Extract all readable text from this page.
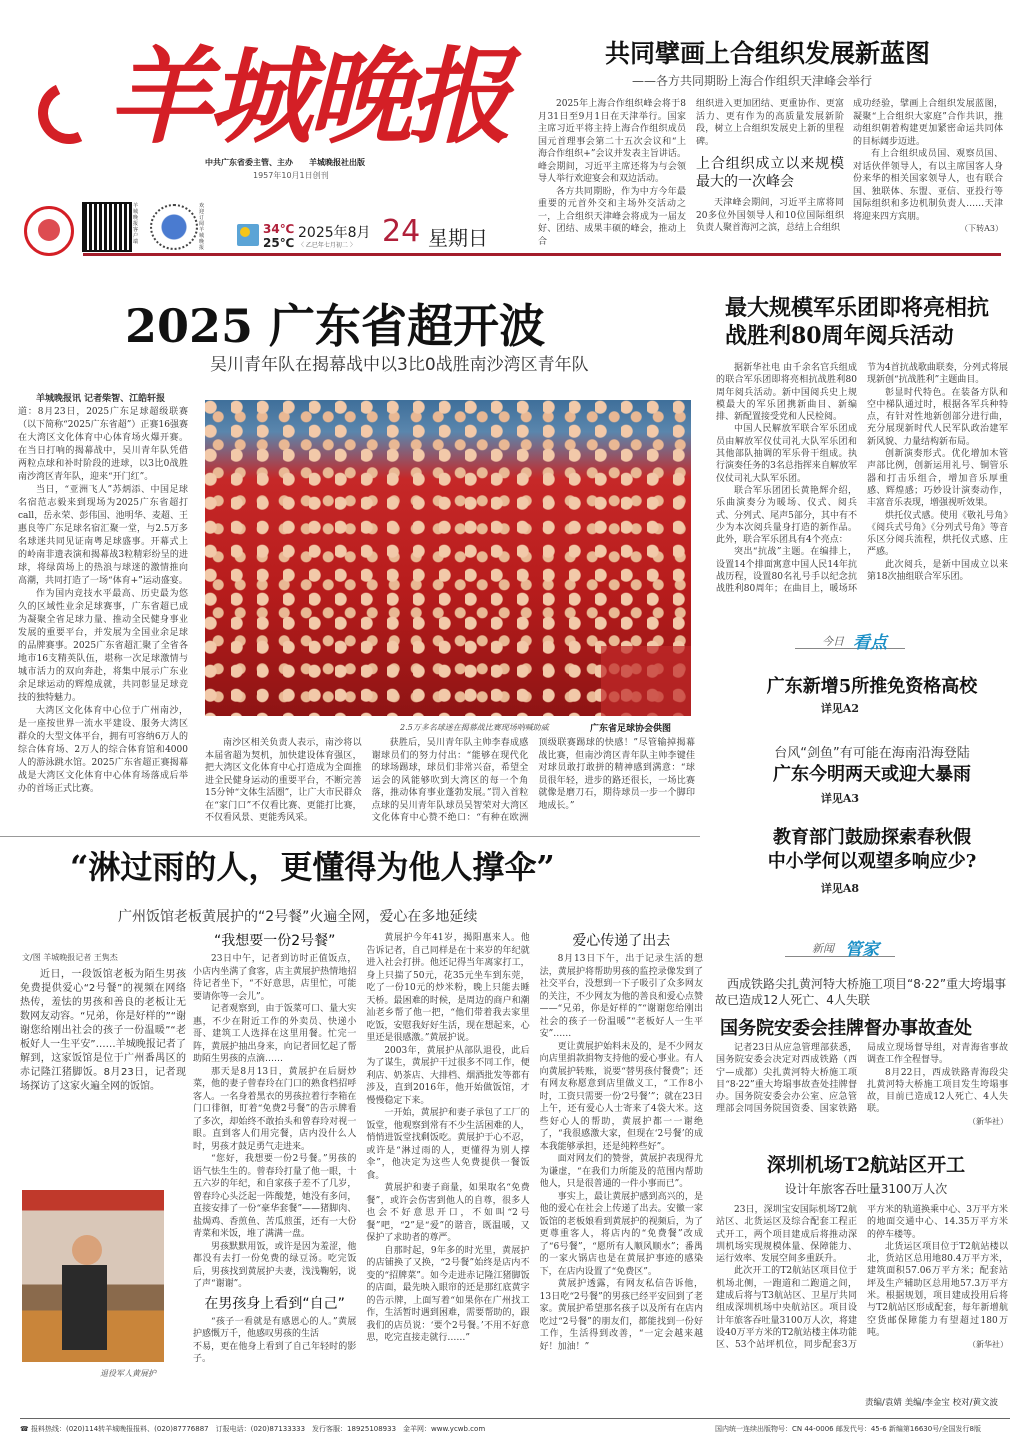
羊城晚报
中共广东省委主管、主办　　羊城晚报社出版
1957年10月1日创刊
羊城晚报客户端
欢迎订阅羊城晚报
34℃
25℃
2025年8月
〈 乙巳年七月初二 〉 24 星期日
共同擘画上合组织发展新蓝图
——各方共同期盼上海合作组织天津峰会举行

2025年上海合作组织峰会将于8月31日至9月1日在天津举行。国家主席习近平将主持上海合作组织成员国元首理事会第二十五次会议和“上海合作组织+”会议并发表主旨讲话。峰会期间，习近平主席还将为与会领导人举行欢迎宴会和双边活动。

各方共同期盼，作为中方今年最重要的元首外交和主场外交活动之一，上合组织天津峰会将成为一届友好、团结、成果丰硕的峰会，推动上合

组织进入更加团结、更重协作、更富活力、更有作为的高质量发展新阶段，树立上合组织发展史上新的里程碑。
上合组织成立以来规模最大的一次峰会

天津峰会期间，习近平主席将同20多位外国领导人和10位国际组织负责人聚首海河之滨，总结上合组织

成功经验，擘画上合组织发展蓝图，凝聚“上合组织大家庭”合作共识，推动组织朝着构建更加紧密命运共同体的目标阔步迈进。

有上合组织成员国、观察员国、对话伙伴领导人，有以主席国客人身份来华的相关国家领导人，也有联合国、独联体、东盟、亚信、亚投行等国际组织和多边机制负责人……天津将迎来四方宾朋。

（下转A3）
2025 广东省超开波
吴川青年队在揭幕战中以3比0战胜南沙湾区青年队

羊城晚报讯 记者柴智、江皓轩报

道：8月23日，2025广东足球超级联赛（以下简称“2025广东省超”）正赛16强赛在大湾区文化体育中心体育场火爆开赛。在当日打响的揭幕战中，吴川青年队凭借两粒点球和补时阶段的进球，以3比0战胜南沙湾区青年队，迎来“开门红”。

当日，“亚洲飞人”苏炳添、中国足球名宿范志毅来到现场为2025广东省超打call，岳永荣、彭伟国、池明华、麦超、王惠良等广东足球名宿汇聚一堂，与2.5万多名球迷共同见证南粤足球盛事。开幕式上的岭南非遗表演和揭幕战3粒精彩纷呈的进球，将绿茵场上的热浪与球迷的激情推向高潮，共同打造了一场“体育+”运动盛宴。

作为国内竞技水平最高、历史最为悠久的区域性业余足球赛事，广东省超已成为凝聚全省足球力量、推动全民健身事业发展的重要平台，并发展为全国业余足球的品牌赛事。2025广东省超汇聚了全省各地市16支精英队伍，堪称一次足球激情与城市活力的双向奔赴，将集中展示广东业余足球运动的辉煌成就，共同彰显足球竞技的独特魅力。

大湾区文化体育中心位于广州南沙，是一座按世界一流水平建设、服务大湾区群众的大型文体平台，拥有可容纳6万人的综合体育场、2万人的综合体育馆和4000人的游泳跳水馆。2025广东省超正赛揭幕战是大湾区文化体育中心体育场落成后举办的首场正式比赛。

2.5万多名球迷在揭幕战比赛现场呐喊助威	广东省足球协会供图

南沙区相关负责人表示，南沙将以本届省超为契机，加快建设体育强区，把大湾区文化体育中心打造成为全面推进全民健身运动的重要平台，不断完善15分钟“文体生活圈”，让广大市民群众在“家门口”不仅看比赛、更能打比赛，不仅看风景、更能秀风采。

获胜后，吴川青年队主帅李春成感谢球员们的努力付出：“能够在现代化的球场踢球，球员们非常兴奋，希望全运会的风能够吹到大湾区的每一个角落，推动体育事业蓬勃发展。”罚入首粒点球的吴川青年队球员吴智荣对大湾区文化体育中心赞不绝口：“有种在欧洲顶级联赛踢球的快感！”尽管输掉揭幕战比赛，但南沙湾区青年队主帅李键佳对球员敢打敢拼的精神感到满意：“球员很年轻，进步的路还很长，一场比赛就像是磨刀石，期待球员一步一个脚印地成长。”

最大规模军乐团即将亮相抗战胜利80周年阅兵活动

据新华社电 由千余名官兵组成的联合军乐团即将亮相抗战胜利80周年阅兵活动。新中国阅兵史上规模最大的军乐团携新曲目、新编排、新配置接受党和人民检阅。

中国人民解放军联合军乐团成员由解放军仪仗司礼大队军乐团和其他部队抽调的军乐骨干组成。执行演奏任务的3名总指挥来自解放军仪仗司礼大队军乐团。

联合军乐团团长黄艳辉介绍，乐曲演奏分为暖场、仪式、阅兵式、分列式、尾声5部分，其中有不少为本次阅兵量身打造的新作品。此外，联合军乐团具有4个亮点：

突出“抗战”主题。在编排上，设置14个排面寓意中国人民14年抗战历程，设置80名礼号手以纪念抗战胜利80周年；在曲目上，暖场环节为4首抗战歌曲联奏，分列式将展现新创“抗战胜利”主题曲目。

彰显时代特色。在装备方队和空中梯队通过时，根据各军兵种特点，有针对性地新创部分进行曲，充分展现新时代人民军队政治建军新风貌、力量结构新布局。

创新演奏形式。优化增加木管声部比例，创新运用礼号、铜管乐器和打击乐组合，增加音乐厚重感、辉煌感；巧妙设计演奏动作，丰富音乐表现，增强视听效果。

烘托仪式感。使用《敬礼号角》《阅兵式号角》《分列式号角》等音乐区分阅兵流程，烘托仪式感、庄严感。

此次阅兵，是新中国成立以来第18次抽组联合军乐团。

今日 看点
广东新增5所推免资格高校
详见A2
台风“剑鱼”有可能在海南沿海登陆
广东今明两天或迎大暴雨
详见A3
教育部门鼓励探索春秋假
中小学何以观望多响应少?
详见A8
“淋过雨的人，更懂得为他人撑伞”
广州饭馆老板黄展护的“2号餐”火遍全网，爱心在多地延续
文/图 羊城晚报记者 王隽杰
近日，一段饭馆老板为陌生男孩免费提供爱心“2号餐”的视频在网络热传，羞怯的男孩和善良的老板让无数网友动容。“兄弟，你是好样的”“谢谢您给刚出社会的孩子一份温暖”“老板好人一生平安”……羊城晚报记者了解到，这家饭馆是位于广州番禺区的赤记隆江猪脚饭。8月23日，记者现场探访了这家火遍全网的饭馆。
退役军人黄展护
“我想要一份2号餐”

23日中午，记者到访时正值饭点，小店内坐满了食客，店主黄展护热情地招待记者坐下，“不好意思，店里忙，可能要请你等一会儿”。

记者观察到，由于饭菜可口、量大实惠，不少在附近工作的外卖员、快递小哥、建筑工人选择在这里用餐。忙完一阵，黄展护抽出身来，向记者回忆起了帮助陌生男孩的点滴……

那天是8月13日，黄展护在后厨炒菜，他的妻子曾春玲在门口的熟食档招呼客人。一名身着黑衣的男孩拉着行李箱在门口徘徊，盯着“免费2号餐”的告示牌看了多次，却始终不敢抬头和曾春玲对视一眼。直到客人们用完餐，店内没什么人时，男孩才鼓足勇气走进来。

“您好，我想要一份2号餐。”男孩的语气怯生生的。曾春玲打量了他一眼，十五六岁的年纪，和自家孩子差不了几岁，曾春玲心头泛起一阵酸楚，她没有多问，直接安排了一份“豪华套餐”——猪脚肉、盐焗鸡、香煎鱼、苦瓜煎蛋，还有一大份青菜和米饭，堆了满满一盘。

男孩默默用饭，或许是因为羞涩，他都没有去打一份免费的绿豆汤。吃完饭后，男孩找到黄展护夫妻，浅浅鞠躬，说了声“谢谢”。

在男孩身上看到“自己”

“孩子一看就是有感恩心的人。”黄展护感慨万千，他感叹男孩的生活

不易，更在他身上看到了自己年轻时的影子。

黄展护今年41岁，揭阳惠来人。他告诉记者，自己同样是在十来岁的年纪就进入社会打拼。他还记得当年离家打工，身上只揣了50元，花35元坐车到东莞，吃了一份10元的炒米粉，晚上只能去睡天桥。最困难的时候，是周边的商户和潮汕老乡帮了他一把，“他们带着我去家里吃饭，安慰我好好生活，现在想起来，心里还是很感激。”黄展护说。

2003年，黄展护从部队退役，此后为了谋生，黄展护干过很多不同工作，便利店、奶茶店、大排档、烟酒批发等都有涉及，直到2016年，他开始做饭馆，才慢慢稳定下来。

一开始，黄展护和妻子承包了工厂的饭堂，他观察到常有不少生活困难的人，悄悄进饭堂找剩饭吃。黄展护于心不忍，或许是“淋过雨的人，更懂得为别人撑伞”，他决定为这些人免费提供一餐饭食。

黄展护和妻子商量，如果取名“免费餐”，或许会伤害到他人的自尊，很多人也会不好意思开口，不如叫“2号餐”吧，“2”是“爱”的谐音，既温暖，又保护了求助者的尊严。

自那时起，9年多的时光里，黄展护的店铺换了又换，“2号餐”始终是店内不变的“招牌菜”。如今走进赤记隆江猪脚饭的店面，最先映入眼帘的还是那红底黄字的告示牌，上面写着“如果你在广州找工作，生活暂时遇到困难，需要帮助的，跟我们的店员说：‘要个2号餐。’不用不好意思，吃完直接走就行……”

爱心传递了出去

8月13日下午，出于记录生活的想法，黄展护将帮助男孩的监控录像发到了社交平台，没想到一下子吸引了众多网友的关注，不少网友为他的善良和爱心点赞——“兄弟，你是好样的”“谢谢您给刚出社会的孩子一份温暖”“老板好人一生平安”……

更让黄展护始料未及的，是不少网友向店里捐款捐物支持他的爱心事业。有人向黄展护转账，说要“替男孩付餐费”；还有网友称愿意到店里做义工，“工作8小时，工资只需要一份‘2号餐’”；就在23日上午，还有爱心人士寄来了4袋大米。这些好心人的帮助，黄展护都一一谢绝了，“我很感激大家，但现在‘2号餐’的成本我能够承担，还是纯粹些好”。

面对网友们的赞誉，黄展护表现得尤为谦虚，“在我们力所能及的范围内帮助他人，只是很普通的一件小事而已”。

事实上，最让黄展护感到高兴的，是他的爱心在社会上传递了出去。安徽一家饭馆的老板娘看到黄展护的视频后，为了更尊重客人，将店内的“免费餐”改成了“6号餐”，“愿所有人顺风顺水”；番禺的一家火锅店也是在黄展护事迹的感染下，在店内设置了“免费区”。

黄展护透露，有网友私信告诉他，13日吃“2号餐”的男孩已经平安回到了老家。黄展护希望那名孩子以及所有在店内吃过“2号餐”的朋友们，都能找到一份好工作，生活得到改善，“一定会越来越好！加油！”

新闻 管家
西成铁路尖扎黄河特大桥施工项目“8·22”重大垮塌事故已造成12人死亡、4人失联
国务院安委会挂牌督办事故查处

记者23日从应急管理部获悉，国务院安委会决定对西成铁路（西宁—成都）尖扎黄河特大桥施工项目“8·22”重大垮塌事故查处挂牌督办。国务院安委会办公室、应急管理部会同国务院国资委、国家铁路局成立现场督导组，对青海省事故调查工作全程督导。

8月22日，西成铁路青海段尖扎黄河特大桥施工项目发生垮塌事故，目前已造成12人死亡、4人失联。

（新华社）
深圳机场T2航站区开工
设计年旅客吞吐量3100万人次

23日，深圳宝安国际机场T2航站区、北货运区及综合配套工程正式开工，两个项目建成后将推动深圳机场实现规模体量、保障能力、运行效率、发展空间多重跃升。

此次开工的T2航站区项目位于机场北侧，一跑道和二跑道之间，建成后将与T3航站区、卫星厅共同组成深圳机场中央航站区。项目设计年旅客吞吐量3100万人次，将建设40万平方米的T2航站楼主体功能区、53个站坪机位，同步配套3万平方米的轨道换乘中心、3万平方米的地面交通中心、14.35万平方米的停车楼等。

北货运区项目位于T2航站楼以北，货站区总用地80.4万平方米，建筑面积57.06万平方米；配套站坪及生产辅助区总用地57.3万平方米。根据规划，项目建成投用后将与T2航站区形成配套，每年新增航空货邮保障能力有望超过180万吨。

（新华社）
责编/袁婧 美编/李金宝 校对/黄文波
☎ 报料热线：(020)114转羊城晚报报料、(020)87776887　订报电话：(020)87133333　发行客服：18925108933　金羊网：www.ycwb.com	国内统一连续出版物号：CN 44-0006 邮发代号：45-6 新编第16630号/全国发行8版
